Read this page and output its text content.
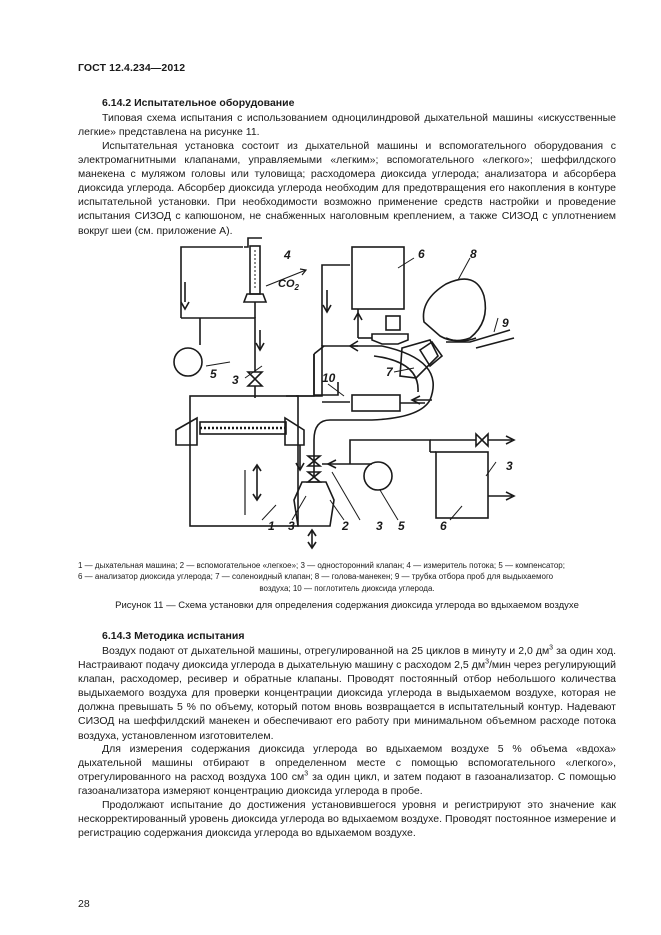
ГОСТ 12.4.234—2012
6.14.2 Испытательное оборудование
Типовая схема испытания с использованием одноцилиндровой дыхательной машины «искусственные легкие» представлена на рисунке 11.
Испытательная установка состоит из дыхательной машины и вспомогательного оборудования с электромагнитными клапанами, управляемыми «легким»; вспомогательного «легкого»; шеффилдского манекена с муляжом головы или туловища; расходомера диоксида углерода; анализатора и абсорбера диоксида углерода. Абсорбер диоксида углерода необходим для предотвращения его накопления в контуре испытательной установки. При необходимости возможно применение средств настройки и проведение испытания СИЗОД с капюшоном, не снабженных наголовным креплением, а также СИЗОД с уплотнением вокруг шеи (см. приложение А).
4
$CO_2$
6	8
9
5 3	10	7
3
1 3	2 3 5	6
1 — дыхательная машина; 2 — вспомогательное «легкое»; 3 — односторонний клапан; 4 — измеритель потока; 5 — компенсатор;
6 — анализатор диоксида углерода; 7 — соленоидный клапан; 8 — голова-манекен; 9 — трубка отбора проб для выдыхаемого
воздуха; 10 — поглотитель диоксида углерода.
Рисунок 11 — Схема установки для определения содержания диоксида углерода во вдыхаемом воздухе
6.14.3 Методика испытания
Воздух подают от дыхательной машины, отрегулированной на 25 циклов в минуту и 2,0 $дм^3$ за один ход. Настраивают подачу диоксида углерода в дыхательную машину с расходом 2,5 $дм^3$/мин через регулирующий клапан, расходомер, ресивер и обратные клапаны. Проводят постоянный отбор небольшого количества выдыхаемого воздуха для проверки концентрации диоксида углерода в выдыхаемом воздухе, которая не должна превышать 5 % по объему, который потом вновь возвращается в испытательный контур. Надевают СИЗОД на шеффилдский манекен и обеспечивают его работу при минимальном объемном расходе потока воздуха, установленном изготовителем.
Для измерения содержания диоксида углерода во вдыхаемом воздухе 5 % объема «вдоха» дыхательной машины отбирают в определенном месте с помощью вспомогательного «легкого», отрегулированного на расход воздуха 100 $см^3$ за один цикл, и затем подают в газоанализатор. С помощью газоанализатора измеряют концентрацию диоксида углерода в пробе.
Продолжают испытание до достижения установившегося уровня и регистрируют это значение как нескорректированный уровень диоксида углерода во вдыхаемом воздухе. Проводят постоянное измерение и регистрацию содержания диоксида углерода во вдыхаемом воздухе.
28
